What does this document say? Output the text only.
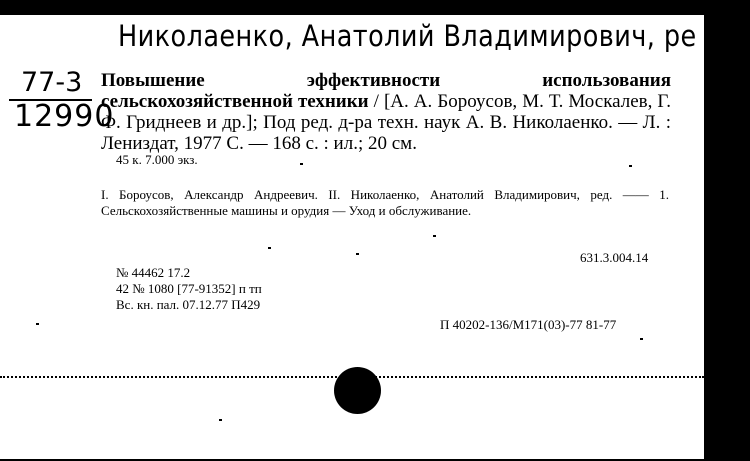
Николаенко, Анатолий Владимирович, ре
77-3
12990
Повышение эффективности использования сельскохозяйственной техники / [А. А. Бороусов, М. Т. Москалев, Г. Ф. Гриднеев и др.]; Под ред. д-ра техн. наук А. В. Николаенко. — Л. : Лениздат, 1977 С. — 168 с. : ил.; 20 см.
45 к. 7.000 экз.
I. Бороусов, Александр Андреевич. II. Николаенко, Анатолий Владимирович, ред. —— 1. Сельскохозяйственные машины и орудия — Уход и обслуживание.
631.3.004.14
№ 44462 17.2
42 № 1080 [77-91352] п тп
Вс. кн. пал. 07.12.77 П429
П 40202-136/М171(03)-77 81-77
